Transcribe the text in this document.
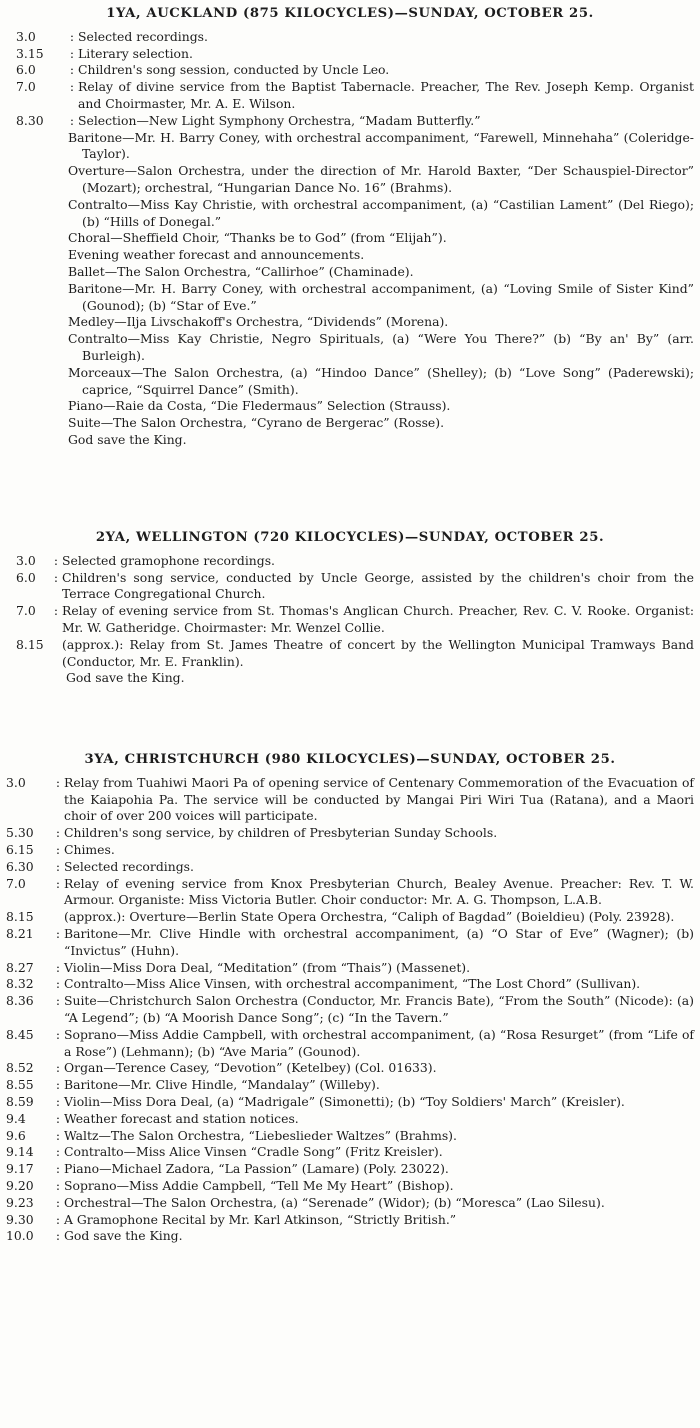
1YA, AUCKLAND (875 KILOCYCLES)—SUNDAY, OCTOBER 25.
3.0	: Selected recordings.
3.15	: Literary selection.
6.0	: Children's song session, conducted by Uncle Leo.
7.0	: Relay of divine service from the Baptist Tabernacle. Preacher, The Rev. Joseph Kemp. Organist and Choirmaster, Mr. A. E. Wilson.
8.30	: Selection—New Light Symphony Orchestra, “Madam Butterfly.”
Baritone—Mr. H. Barry Coney, with orchestral accompaniment, “Farewell, Minnehaha” (Coleridge-Taylor).
Overture—Salon Orchestra, under the direction of Mr. Harold Baxter, “Der Schauspiel-Director” (Mozart); orchestral, “Hungarian Dance No. 16” (Brahms).
Contralto—Miss Kay Christie, with orchestral accompaniment, (a) “Castilian Lament” (Del Riego); (b) “Hills of Donegal.”
Choral—Sheffield Choir, “Thanks be to God” (from “Elijah”).
Evening weather forecast and announcements.
Ballet—The Salon Orchestra, “Callirhoe” (Chaminade).
Baritone—Mr. H. Barry Coney, with orchestral accompaniment, (a) “Loving Smile of Sister Kind” (Gounod); (b) “Star of Eve.”
Medley—Ilja Livschakoff's Orchestra, “Dividends” (Morena).
Contralto—Miss Kay Christie, Negro Spirituals, (a) “Were You There?” (b) “By an' By” (arr. Burleigh).
Morceaux—The Salon Orchestra, (a) “Hindoo Dance” (Shelley); (b) “Love Song” (Paderewski); caprice, “Squirrel Dance” (Smith).
Piano—Raie da Costa, “Die Fledermaus” Selection (Strauss).
Suite—The Salon Orchestra, “Cyrano de Bergerac” (Rosse).
God save the King.
2YA, WELLINGTON (720 KILOCYCLES)—SUNDAY, OCTOBER 25.
3.0	: Selected gramophone recordings.
6.0	: Children's song service, conducted by Uncle George, assisted by the children's choir from the Terrace Congregational Church.
7.0	: Relay of evening service from St. Thomas's Anglican Church. Preacher, Rev. C. V. Rooke. Organist: Mr. W. Gatheridge. Choirmaster: Mr. Wenzel Collie.
8.15	(approx.): Relay from St. James Theatre of concert by the Wellington Municipal Tramways Band (Conductor, Mr. E. Franklin).
God save the King.
3YA, CHRISTCHURCH (980 KILOCYCLES)—SUNDAY, OCTOBER 25.
3.0	: Relay from Tuahiwi Maori Pa of opening service of Centenary Commemoration of the Evacuation of the Kaiapohia Pa. The service will be conducted by Mangai Piri Wiri Tua (Ratana), and a Maori choir of over 200 voices will participate.
5.30	: Children's song service, by children of Presbyterian Sunday Schools.
6.15	: Chimes.
6.30	: Selected recordings.
7.0	: Relay of evening service from Knox Presbyterian Church, Bealey Avenue. Preacher: Rev. T. W. Armour. Organiste: Miss Victoria Butler. Choir conductor: Mr. A. G. Thompson, L.A.B.
8.15	(approx.): Overture—Berlin State Opera Orchestra, “Caliph of Bagdad” (Boieldieu) (Poly. 23928).
8.21	: Baritone—Mr. Clive Hindle with orchestral accompaniment, (a) “O Star of Eve” (Wagner); (b) “Invictus” (Huhn).
8.27	: Violin—Miss Dora Deal, “Meditation” (from “Thais”) (Massenet).
8.32	: Contralto—Miss Alice Vinsen, with orchestral accompaniment, “The Lost Chord” (Sullivan).
8.36	: Suite—Christchurch Salon Orchestra (Conductor, Mr. Francis Bate), “From the South” (Nicode): (a) “A Legend”; (b) “A Moorish Dance Song”; (c) “In the Tavern.”
8.45	: Soprano—Miss Addie Campbell, with orchestral accompaniment, (a) “Rosa Resurget” (from “Life of a Rose”) (Lehmann); (b) “Ave Maria” (Gounod).
8.52	: Organ—Terence Casey, “Devotion” (Ketelbey) (Col. 01633).
8.55	: Baritone—Mr. Clive Hindle, “Mandalay” (Willeby).
8.59	: Violin—Miss Dora Deal, (a) “Madrigale” (Simonetti); (b) “Toy Soldiers' March” (Kreisler).
9.4	: Weather forecast and station notices.
9.6	: Waltz—The Salon Orchestra, “Liebeslieder Waltzes” (Brahms).
9.14	: Contralto—Miss Alice Vinsen “Cradle Song” (Fritz Kreisler).
9.17	: Piano—Michael Zadora, “La Passion” (Lamare) (Poly. 23022).
9.20	: Soprano—Miss Addie Campbell, “Tell Me My Heart” (Bishop).
9.23	: Orchestral—The Salon Orchestra, (a) “Serenade” (Widor); (b) “Moresca” (Lao Silesu).
9.30	: A Gramophone Recital by Mr. Karl Atkinson, “Strictly British.”
10.0	: God save the King.
